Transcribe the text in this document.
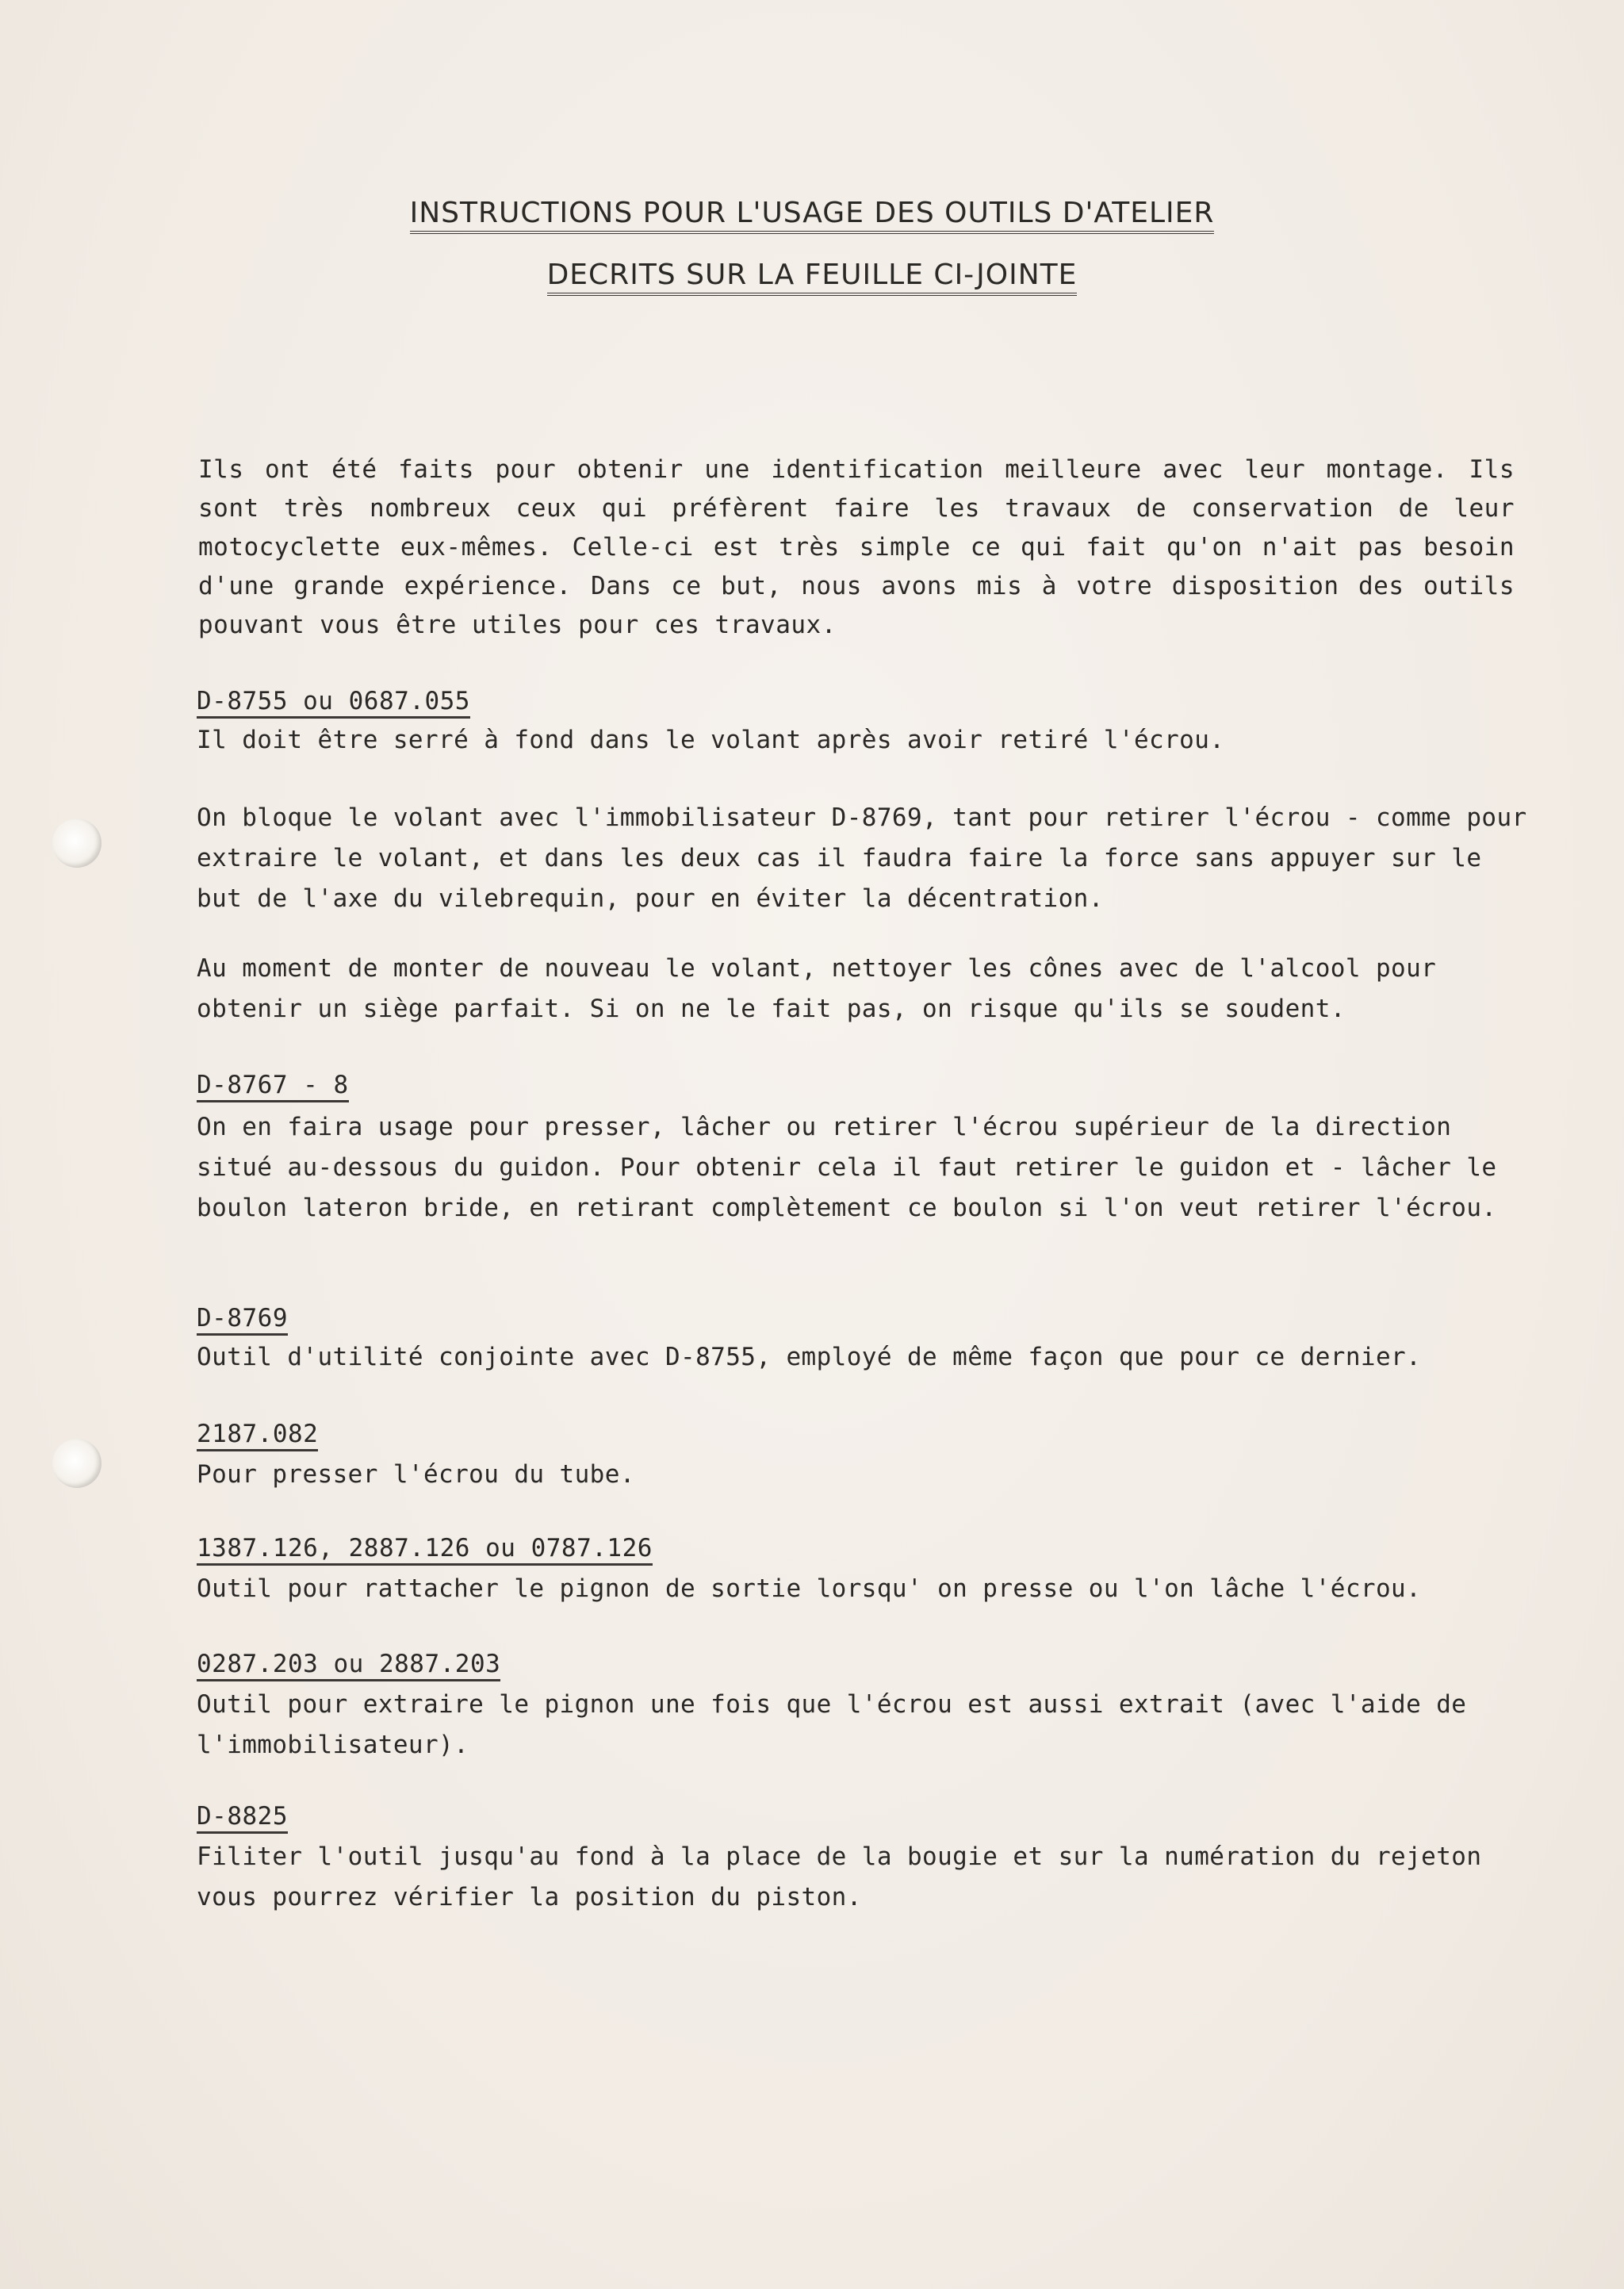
INSTRUCTIONS POUR L'USAGE DES OUTILS D'ATELIER
DECRITS SUR LA FEUILLE CI-JOINTE
Ils ont été faits pour obtenir une identification meilleure avec leur montage. Ils sont très nombreux ceux qui préfèrent faire les travaux de conservation de leur motocyclette eux-mêmes. Celle-ci est très simple ce qui fait qu'on n'ait pas besoin d'une grande expérience. Dans ce but, nous avons mis à votre disposition des outils pouvant vous être utiles pour ces travaux.
D-8755 ou 0687.055
Il doit être serré à fond dans le volant après avoir retiré l'écrou.
On bloque le volant avec l'immobilisateur D-8769, tant pour retirer l'écrou - comme pour extraire le volant, et dans les deux cas il faudra faire la force sans appuyer sur le but de l'axe du vilebrequin, pour en éviter la décentration.
Au moment de monter de nouveau le volant, nettoyer les cônes avec de l'alcool pour obtenir un siège parfait. Si on ne le fait pas, on risque qu'ils se soudent.
D-8767 - 8
On en faira usage pour presser, lâcher ou retirer l'écrou supérieur de la direction situé au-dessous du guidon. Pour obtenir cela il faut retirer le guidon et - lâcher le boulon lateron bride, en retirant complètement ce boulon si l'on veut retirer l'écrou.
D-8769
Outil d'utilité conjointe avec D-8755, employé de même façon que pour ce dernier.
2187.082
Pour presser l'écrou du tube.
1387.126, 2887.126 ou 0787.126
Outil pour rattacher le pignon de sortie lorsqu' on presse ou l'on lâche l'écrou.
0287.203 ou 2887.203
Outil pour extraire le pignon une fois que l'écrou est aussi extrait (avec l'aide de l'immobilisateur).
D-8825
Filiter l'outil jusqu'au fond à la place de la bougie et sur la numération du rejeton vous pourrez vérifier la position du piston.
